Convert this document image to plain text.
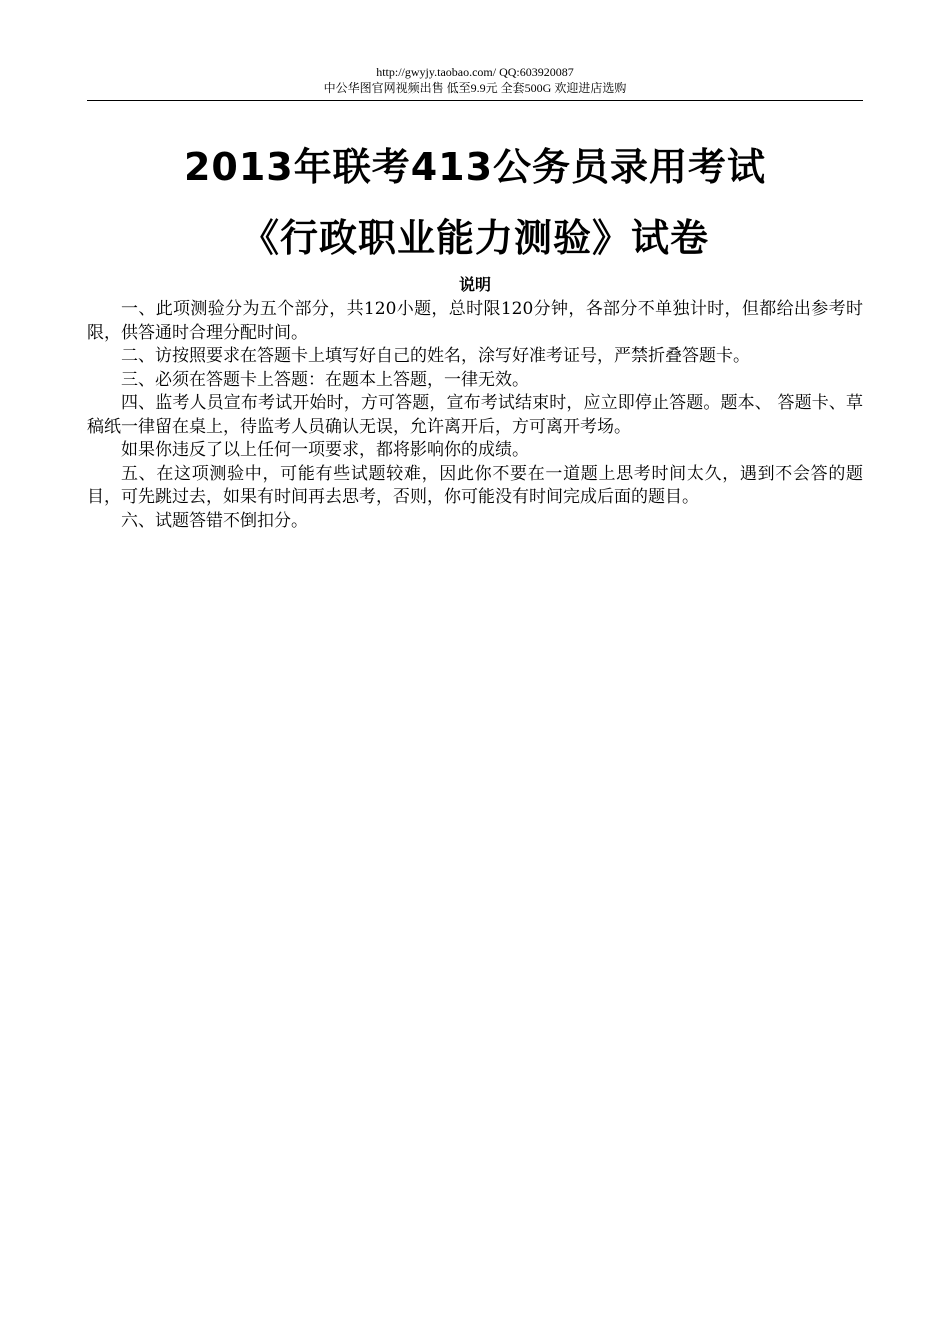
http://gwyjy.taobao.com/ QQ:603920087
中公华图官网视频出售 低至9.9元 全套500G 欢迎进店选购
2013年联考413公务员录用考试
《行政职业能力测验》试卷
说明

一、此项测验分为五个部分，共120小题，总时限120分钟，各部分不单独计时，但都给出参考时限，供答通时合理分配时间。

二、访按照要求在答题卡上填写好自己的姓名，涂写好准考证号，严禁折叠答题卡。

三、必须在答题卡上答题：在题本上答题，一律无效。

四、监考人员宣布考试开始时，方可答题，宣布考试结束时，应立即停止答题。题本、 答题卡、草稿纸一律留在桌上，待监考人员确认无误，允许离开后，方可离开考场。

如果你违反了以上任何一项要求，都将影响你的成绩。

五、在这项测验中，可能有些试题较难，因此你不要在一道题上思考时间太久，遇到不会答的题目，可先跳过去，如果有时间再去思考，否则，你可能没有时间完成后面的题目。

六、试题答错不倒扣分。
